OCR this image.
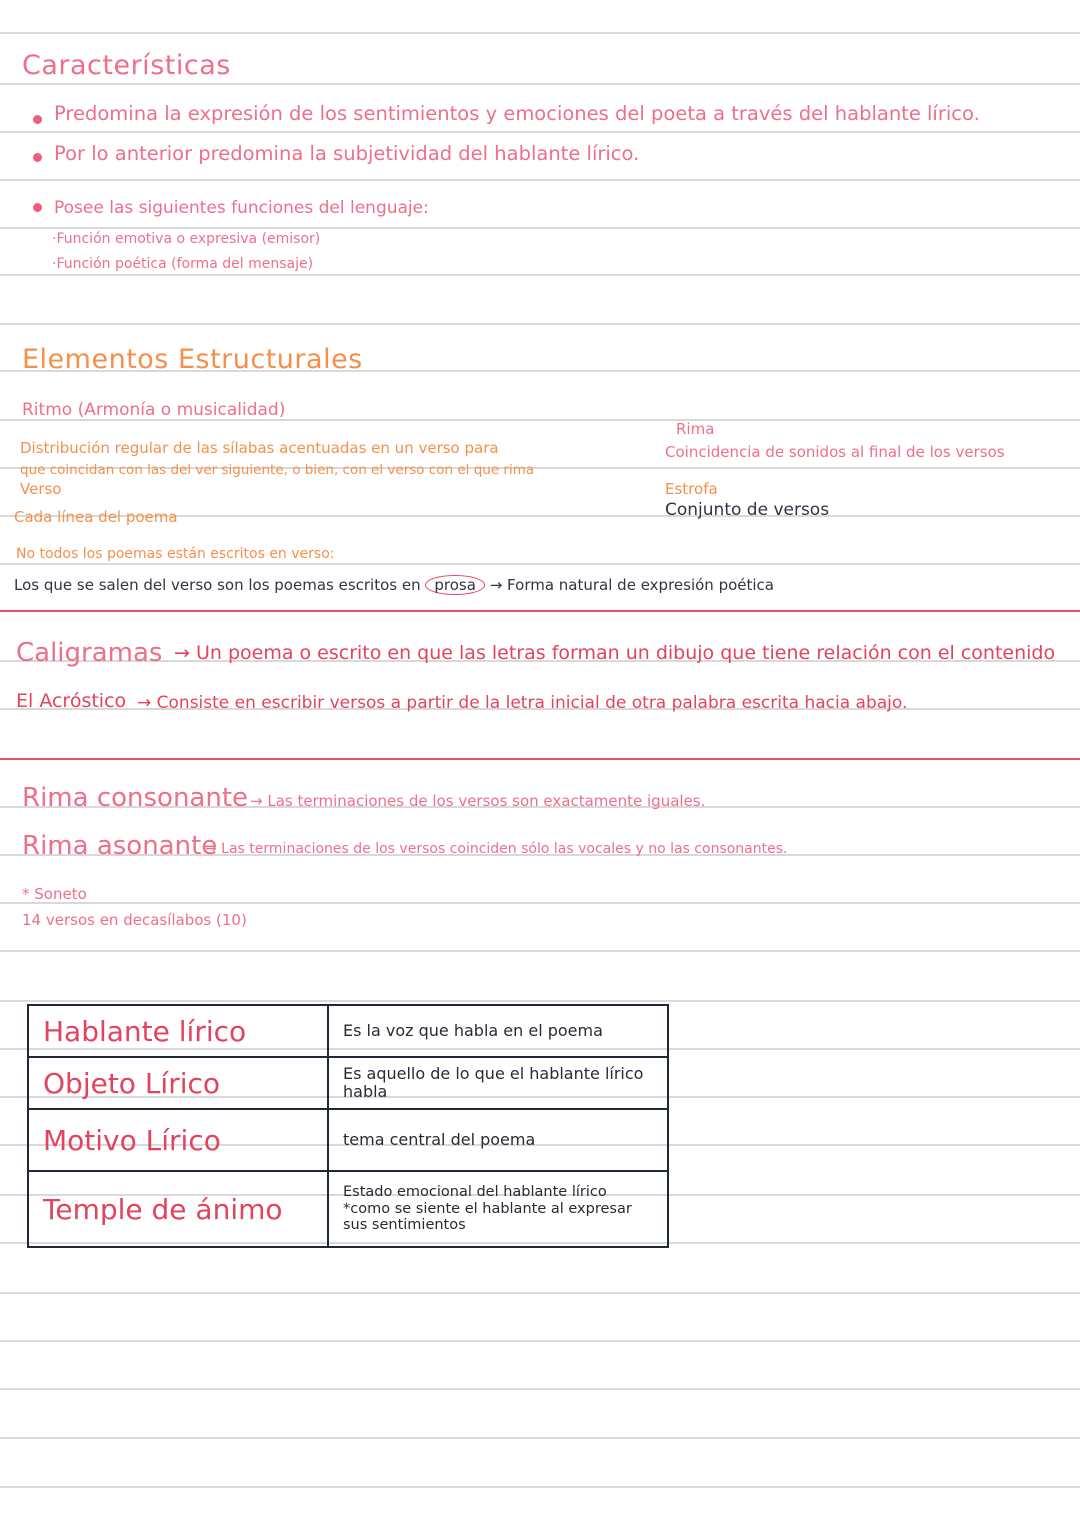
Características
Predomina la expresión de los sentimientos y emociones del poeta a través del hablante lírico.
Por lo anterior predomina la subjetividad del hablante lírico.
Posee las siguientes funciones del lenguaje:
·Función emotiva o expresiva (emisor)
·Función poética (forma del mensaje)
Elementos Estructurales
Ritmo (Armonía o musicalidad)
Distribución regular de las sílabas acentuadas en un verso para
que coincidan con las del ver siguiente, o bien, con el verso con el que rima
Verso
Cada línea del poema
Rima
Coincidencia de sonidos al final de los versos
Estrofa
Conjunto de versos
No todos los poemas están escritos en verso:
Los que se salen del verso son los poemas escritos en prosa → Forma natural de expresión poética
Caligramas → Un poema o escrito en que las letras forman un dibujo que tiene relación con el contenido
El Acróstico → Consiste en escribir versos a partir de la letra inicial de otra palabra escrita hacia abajo.
Rima consonante → Las terminaciones de los versos son exactamente iguales.
Rima asonante
→ Las terminaciones de los versos coinciden sólo las vocales y no las consonantes.
* Soneto
14 versos en decasílabos (10)
Hablante lírico	Es la voz que habla en el poema
Objeto Lírico	Es aquello de lo que el hablante lírico habla
Motivo Lírico	tema central del poema
Temple de ánimo	Estado emocional del hablante lírico *como se siente el hablante al expresar sus sentimientos
